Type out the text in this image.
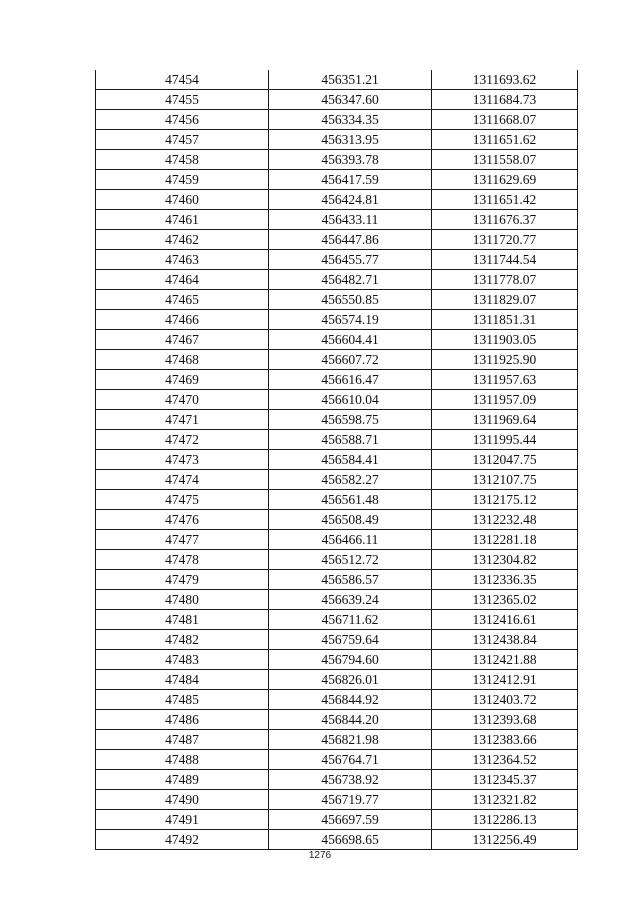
47454	456351.21	1311693.62
47455	456347.60	1311684.73
47456	456334.35	1311668.07
47457	456313.95	1311651.62
47458	456393.78	1311558.07
47459	456417.59	1311629.69
47460	456424.81	1311651.42
47461	456433.11	1311676.37
47462	456447.86	1311720.77
47463	456455.77	1311744.54
47464	456482.71	1311778.07
47465	456550.85	1311829.07
47466	456574.19	1311851.31
47467	456604.41	1311903.05
47468	456607.72	1311925.90
47469	456616.47	1311957.63
47470	456610.04	1311957.09
47471	456598.75	1311969.64
47472	456588.71	1311995.44
47473	456584.41	1312047.75
47474	456582.27	1312107.75
47475	456561.48	1312175.12
47476	456508.49	1312232.48
47477	456466.11	1312281.18
47478	456512.72	1312304.82
47479	456586.57	1312336.35
47480	456639.24	1312365.02
47481	456711.62	1312416.61
47482	456759.64	1312438.84
47483	456794.60	1312421.88
47484	456826.01	1312412.91
47485	456844.92	1312403.72
47486	456844.20	1312393.68
47487	456821.98	1312383.66
47488	456764.71	1312364.52
47489	456738.92	1312345.37
47490	456719.77	1312321.82
47491	456697.59	1312286.13
47492	456698.65	1312256.49
1276
